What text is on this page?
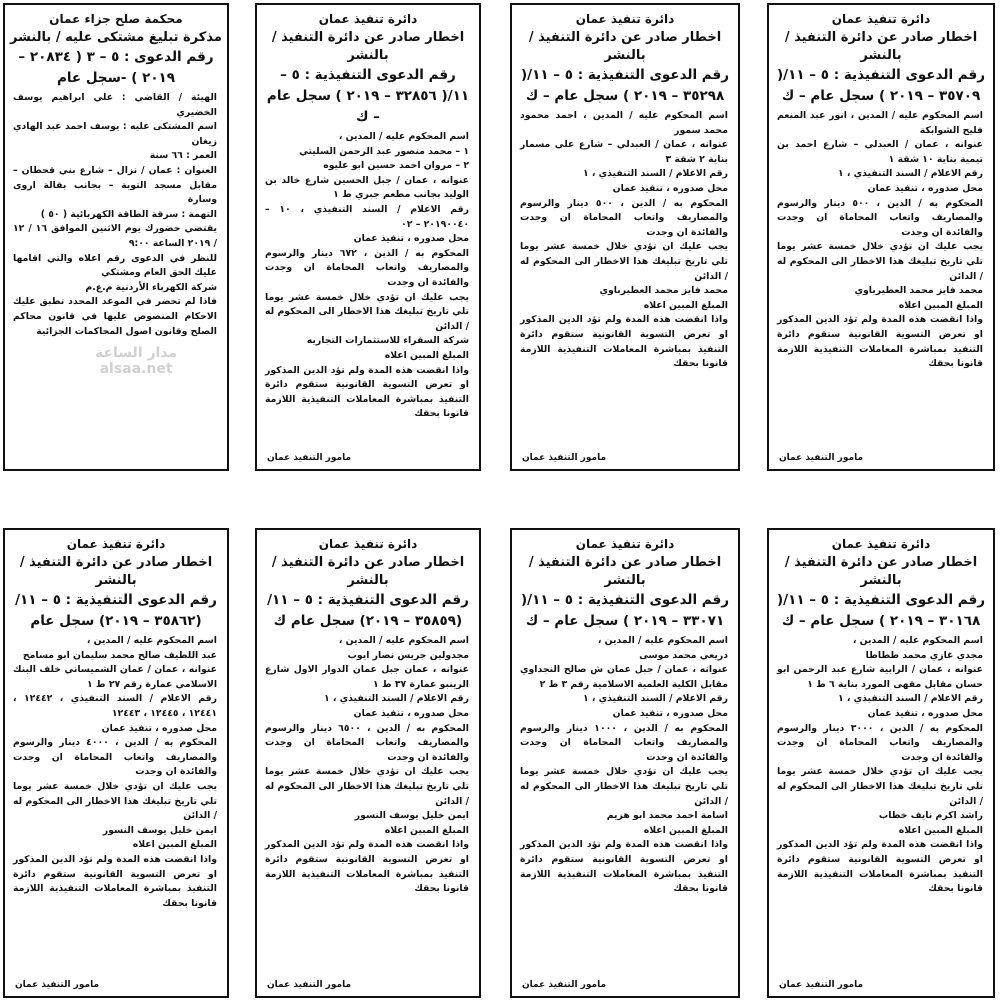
محكمة صلح جزاء عمان
مذكرة تبليغ مشتكى عليه / بالنشر
رقم الدعوى : ٥ – ٣ ( ٢٠٨٣٤ – ٢٠١٩ ) -سجل عام
الهيئة / القاضي : علي ابراهيم يوسف الخضيري
اسم المشتكى عليه : يوسف احمد عبد الهادي زيغان
العمر : ٦٦ سنة
العنوان : عمان / نزال – شارع بني قحطان – مقابل مسجد التوبة – بجانب بقالة اروى وسارة
التهمة : سرقة الطاقة الكهربائية ( ٥٠ )
يقتضي حضورك يوم الاثنين الموافق ١٦ / ١٢ / ٢٠١٩ الساعة ٩:٠٠
للنظر في الدعوى رقم اعلاه والتي اقامها عليك الحق العام ومشتكي
شركة الكهرباء الأردنية م.ع.م
فاذا لم تحضر في الموعد المحدد تطبق عليك الاحكام المنصوص عليها في قانون محاكم الصلح وقانون اصول المحاكمات الجزائية
دائرة تنفيذ عمان
اخطار صادر عن دائرة التنفيذ / بالنشر
رقم الدعوى التنفيذية : ٥ – ١١/( ٣٢٨٥٦ – ٢٠١٩ ) سجل عام – ك
اسم المحكوم عليه / المدين ،
١ – محمد منصور عبد الرحمن السليتي
٢ – مروان احمد حسين ابو عليوه
عنوانه ، عمان / جبل الحسين شارع خالد بن الوليد بجانب مطعم جبري ط ١
رقم الاعلام / السند التنفيذي ، ١٠ – ٢٠١٩٠٠٤٠ – ٠٢
محل صدوره ، تنفيذ عمان
المحكوم به / الدين ، ٦٧٢ دينار والرسوم والمصاريف واتعاب المحاماة ان وجدت والفائدة ان وجدت
يجب عليك ان تؤدي خلال خمسة عشر يوما تلي تاريخ تبليغك هذا الاخطار الى المحكوم له / الدائن
شركة السفراء للاستثمارات التجاريه
المبلغ المبين اعلاه
واذا انقضت هذه المدة ولم تؤد الدين المذكور او تعرض التسوية القانونية ستقوم دائرة التنفيذ بمباشرة المعاملات التنفيذية اللازمة قانونا بحقك
مامور التنفيذ عمان
دائرة تنفيذ عمان
اخطار صادر عن دائرة التنفيذ / بالنشر
رقم الدعوى التنفيذية : ٥ – ١١/( ٣٥٢٩٨ – ٢٠١٩ ) سجل عام – ك
اسم المحكوم عليه / المدين ، احمد محمود محمد سمور
عنوانه ، عمان / العبدلي – شارع علي مسمار بناية ٢ شقة ٣
رقم الاعلام / السند التنفيذي ، ١
محل صدوره ، تنفيذ عمان
المحكوم به / الدين ، ٥٠٠ دينار والرسوم والمصاريف واتعاب المحاماة ان وجدت والفائدة ان وجدت
يجب عليك ان تؤدي خلال خمسة عشر يوما تلي تاريخ تبليغك هذا الاخطار الى المحكوم له / الدائن
محمد فايز محمد العطيرباوي
المبلغ المبين اعلاه
واذا انقضت هذه المدة ولم تؤد الدين المذكور او تعرض التسوية القانونية ستقوم دائرة التنفيذ بمباشرة المعاملات التنفيذية اللازمة قانونا بحقك
مامور التنفيذ عمان
دائرة تنفيذ عمان
اخطار صادر عن دائرة التنفيذ / بالنشر
رقم الدعوى التنفيذية : ٥ – ١١/( ٣٥٧٠٩ – ٢٠١٩ ) سجل عام – ك
اسم المحكوم عليه / المدين ، انور عبد المنعم فليح الشوابكة
عنوانه ، عمان / العبدلي – شارع احمد بن تيمية بناية ١٠ شقة ١
رقم الاعلام / السند التنفيذي ، ١
محل صدوره ، تنفيذ عمان
المحكوم به / الدين ، ٥٠٠ دينار والرسوم والمصاريف واتعاب المحاماة ان وجدت والفائدة ان وجدت
يجب عليك ان تؤدي خلال خمسة عشر يوما تلي تاريخ تبليغك هذا الاخطار الى المحكوم له / الدائن
محمد فايز محمد العطيرباوي
المبلغ المبين اعلاه
واذا انقضت هذه المدة ولم تؤد الدين المذكور او تعرض التسوية القانونية ستقوم دائرة التنفيذ بمباشرة المعاملات التنفيذية اللازمة قانونا بحقك
مامور التنفيذ عمان
دائرة تنفيذ عمان
اخطار صادر عن دائرة التنفيذ / بالنشر
رقم الدعوى التنفيذية : ٥ – ١١/ (٣٥٨٦٢ – ٢٠١٩) سجل عام
اسم المحكوم عليه / المدين ،
عبد اللطيف صالح محمد سليمان ابو مسامح
عنوانه ، عمان / عمان الشميساني خلف البنك الاسلامي عمارة رقم ٢٧ ط ١
رقم الاعلام / السند التنفيذي ، ١٢٤٤٢ ، ١٢٤٤١ ، ١٢٤٤٥ ، ١٢٤٤٣
محل صدوره ، تنفيذ عمان
المحكوم به / الدين ، ٤٠٠٠ دينار والرسوم والمصاريف واتعاب المحاماة ان وجدت والفائدة ان وجدت
يجب عليك ان تؤدي خلال خمسة عشر يوما تلي تاريخ تبليغك هذا الاخطار الى المحكوم له / الدائن
ايمن خليل يوسف النسور
المبلغ المبين اعلاه
واذا انقضت هذه المدة ولم تؤد الدين المذكور او تعرض التسوية القانونية ستقوم دائرة التنفيذ بمباشرة المعاملات التنفيذية اللازمة قانونا بحقك
مامور التنفيذ عمان
دائرة تنفيذ عمان
اخطار صادر عن دائرة التنفيذ / بالنشر
رقم الدعوى التنفيذية : ٥ – ١١/ (٣٥٨٥٩ – ٢٠١٩) سجل عام ك
اسم المحكوم عليه / المدين ،
مجدولين جريس نصار ايوب
عنوانه ، عمان جبل عمان الدوار الاول شارع الرينبو عمارة ٣٧ ط ١
رقم الاعلام / السند التنفيذي ، ١
محل صدوره ، تنفيذ عمان
المحكوم به / الدين ، ٦٥٠٠ دينار والرسوم والمصاريف واتعاب المحاماة ان وجدت والفائدة ان وجدت
يجب عليك ان تؤدي خلال خمسة عشر يوما تلي تاريخ تبليغك هذا الاخطار الى المحكوم له / الدائن
ايمن خليل يوسف النسور
المبلغ المبين اعلاه
واذا انقضت هذه المدة ولم تؤد الدين المذكور او تعرض التسوية القانونية ستقوم دائرة التنفيذ بمباشرة المعاملات التنفيذية اللازمة قانونا بحقك
مامور التنفيذ عمان
دائرة تنفيذ عمان
اخطار صادر عن دائرة التنفيذ / بالنشر
رقم الدعوى التنفيذية : ٥ – ١١/( ٣٣٠٧١ – ٢٠١٩ ) سجل عام – ك
اسم المحكوم عليه / المدين ،
دريعي محمد موسى
عنوانه ، عمان / جبل عمان ش صالح النجداوي مقابل الكلية العلمية الاسلامية رقم ٣ ط ٢
رقم الاعلام / السند التنفيذي ، ١
محل صدوره ، تنفيذ عمان
المحكوم به / الدين ، ١٠٠٠ دينار والرسوم والمصاريف واتعاب المحاماة ان وجدت والفائدة ان وجدت
يجب عليك ان تؤدي خلال خمسة عشر يوما تلي تاريخ تبليغك هذا الاخطار الى المحكوم له / الدائن
اسامة احمد محمد ابو هزيم
المبلغ المبين اعلاه
واذا انقضت هذه المدة ولم تؤد الدين المذكور او تعرض التسوية القانونية ستقوم دائرة التنفيذ بمباشرة المعاملات التنفيذية اللازمة قانونا بحقك
مامور التنفيذ عمان
دائرة تنفيذ عمان
اخطار صادر عن دائرة التنفيذ / بالنشر
رقم الدعوى التنفيذية : ٥ – ١١/( ٣٠١٦٨ – ٢٠١٩ ) سجل عام – ك
اسم المحكوم عليه / المدين ،
مجدي غازي محمد ططاطا
عنوانه ، عمان / الرابية شارع عبد الرحمن ابو حسان مقابل مقهى المورد بناية ٦ ط ١
رقم الاعلام / السند التنفيذي ، ١
محل صدوره ، تنفيذ عمان
المحكوم به / الدين ، ٣٠٠٠ دينار والرسوم والمصاريف واتعاب المحاماة ان وجدت والفائدة ان وجدت
يجب عليك ان تؤدي خلال خمسة عشر يوما تلي تاريخ تبليغك هذا الاخطار الى المحكوم له / الدائن
راشد اكرم نايف خطاب
المبلغ المبين اعلاه
واذا انقضت هذه المدة ولم تؤد الدين المذكور او تعرض التسوية القانونية ستقوم دائرة التنفيذ بمباشرة المعاملات التنفيذية اللازمة قانونا بحقك
مامور التنفيذ عمان
مدار الساعة
alsaa.net
